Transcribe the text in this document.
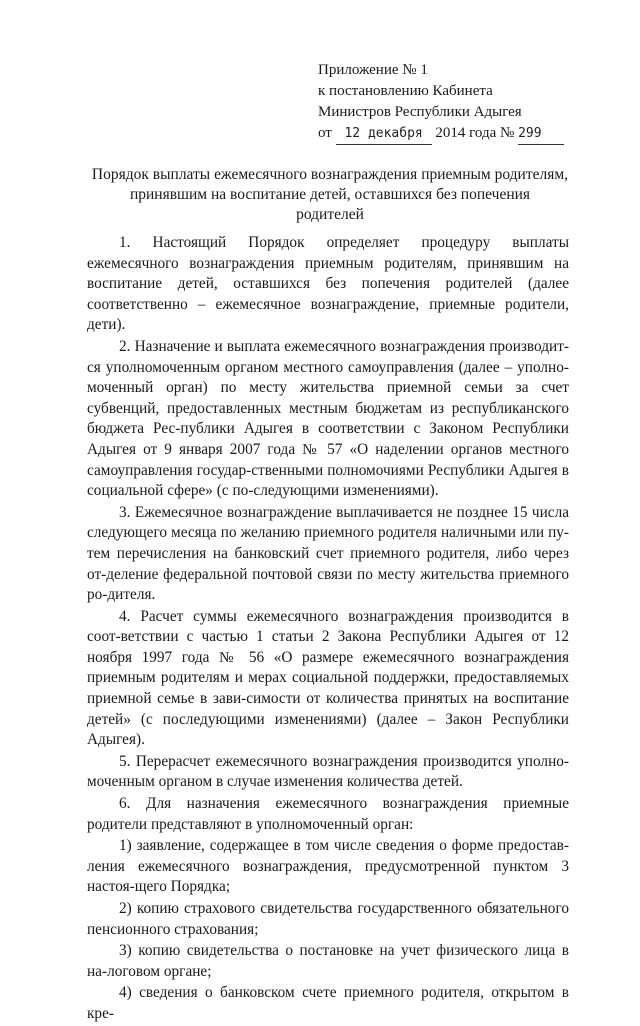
Приложение № 1
к постановлению Кабинета
Министров Республики Адыгея
от 12 декабря 2014 года № 299
Порядок выплаты ежемесячного вознаграждения приемным родителям,
принявшим на воспитание детей, оставшихся без попечения
родителей

1. Настоящий Порядок определяет процедуру выплаты ежемесячного вознаграждения приемным родителям, принявшим на воспитание детей, оставшихся без попечения родителей (далее соответственно – ежемесячное вознаграждение, приемные родители, дети).

2. Назначение и выплата ежемесячного вознаграждения производит-ся уполномоченным органом местного самоуправления (далее – уполно-моченный орган) по месту жительства приемной семьи за счет субвенций, предоставленных местным бюджетам из республиканского бюджета Рес-публики Адыгея в соответствии с Законом Республики Адыгея от 9 января 2007 года № 57 «О наделении органов местного самоуправления государ-ственными полномочиями Республики Адыгея в социальной сфере» (с по-следующими изменениями).

3. Ежемесячное вознаграждение выплачивается не позднее 15 числа следующего месяца по желанию приемного родителя наличными или пу-тем перечисления на банковский счет приемного родителя, либо через от-деление федеральной почтовой связи по месту жительства приемного ро-дителя.

4. Расчет суммы ежемесячного вознаграждения производится в соот-ветствии с частью 1 статьи 2 Закона Республики Адыгея от 12 ноября 1997 года № 56 «О размере ежемесячного вознаграждения приемным родителям и мерах социальной поддержки, предоставляемых приемной семье в зави-симости от количества принятых на воспитание детей» (с последующими изменениями) (далее – Закон Республики Адыгея).

5. Перерасчет ежемесячного вознаграждения производится уполно-моченным органом в случае изменения количества детей.

6. Для назначения ежемесячного вознаграждения приемные родители представляют в уполномоченный орган:

1) заявление, содержащее в том числе сведения о форме предостав-ления ежемесячного вознаграждения, предусмотренной пунктом 3 настоя-щего Порядка;

2) копию страхового свидетельства государственного обязательного пенсионного страхования;

3) копию свидетельства о постановке на учет физического лица в на-логовом органе;

4) сведения о банковском счете приемного родителя, открытом в кре-
